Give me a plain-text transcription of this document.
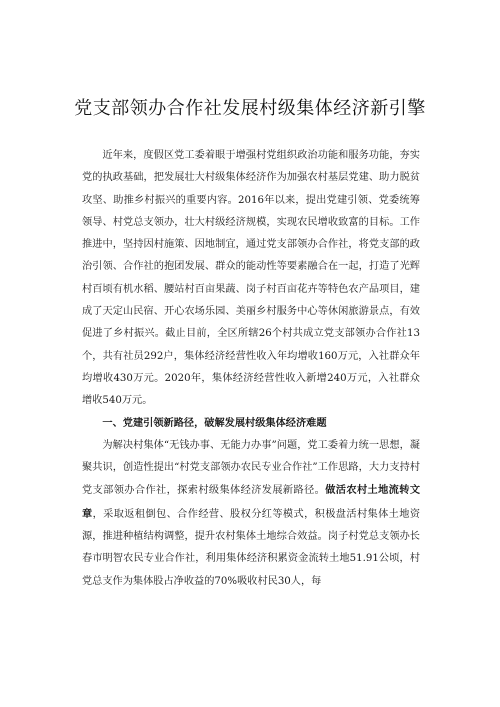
党支部领办合作社发展村级集体经济新引擎

近年来，度假区党工委着眼于增强村党组织政治功能和服务功能，夯实党的执政基础，把发展壮大村级集体经济作为加强农村基层党建、助力脱贫攻坚、助推乡村振兴的重要内容。2016年以来，提出党建引领、党委统筹领导、村党总支领办，壮大村级经济规模，实现农民增收致富的目标。工作推进中，坚持因村施策、因地制宜，通过党支部领办合作社，将党支部的政治引领、合作社的抱团发展、群众的能动性等要素融合在一起，打造了光辉村百顷有机水稻、腰站村百亩果蔬、岗子村百亩花卉等特色农产品项目，建成了天定山民宿、开心农场乐园、美丽乡村服务中心等休闲旅游景点，有效促进了乡村振兴。截止目前，全区所辖26个村共成立党支部领办合作社13个，共有社员292户，集体经济经营性收入年均增收160万元，入社群众年均增收430万元。2020年，集体经济经营性收入新增240万元，入社群众增收540万元。

一、党建引领新路径，破解发展村级集体经济难题

为解决村集体“无钱办事、无能力办事”问题，党工委着力统一思想，凝聚共识，创造性提出“村党支部领办农民专业合作社”工作思路，大力支持村党支部领办合作社，探索村级集体经济发展新路径。做活农村土地流转文章，采取返租倒包、合作经营、股权分红等模式，积极盘活村集体土地资源，推进种植结构调整，提升农村集体土地综合效益。岗子村党总支领办长春市明智农民专业合作社，利用集体经济积累资金流转土地51.91公顷，村党总支作为集体股占净收益的70%吸收村民30人，每
